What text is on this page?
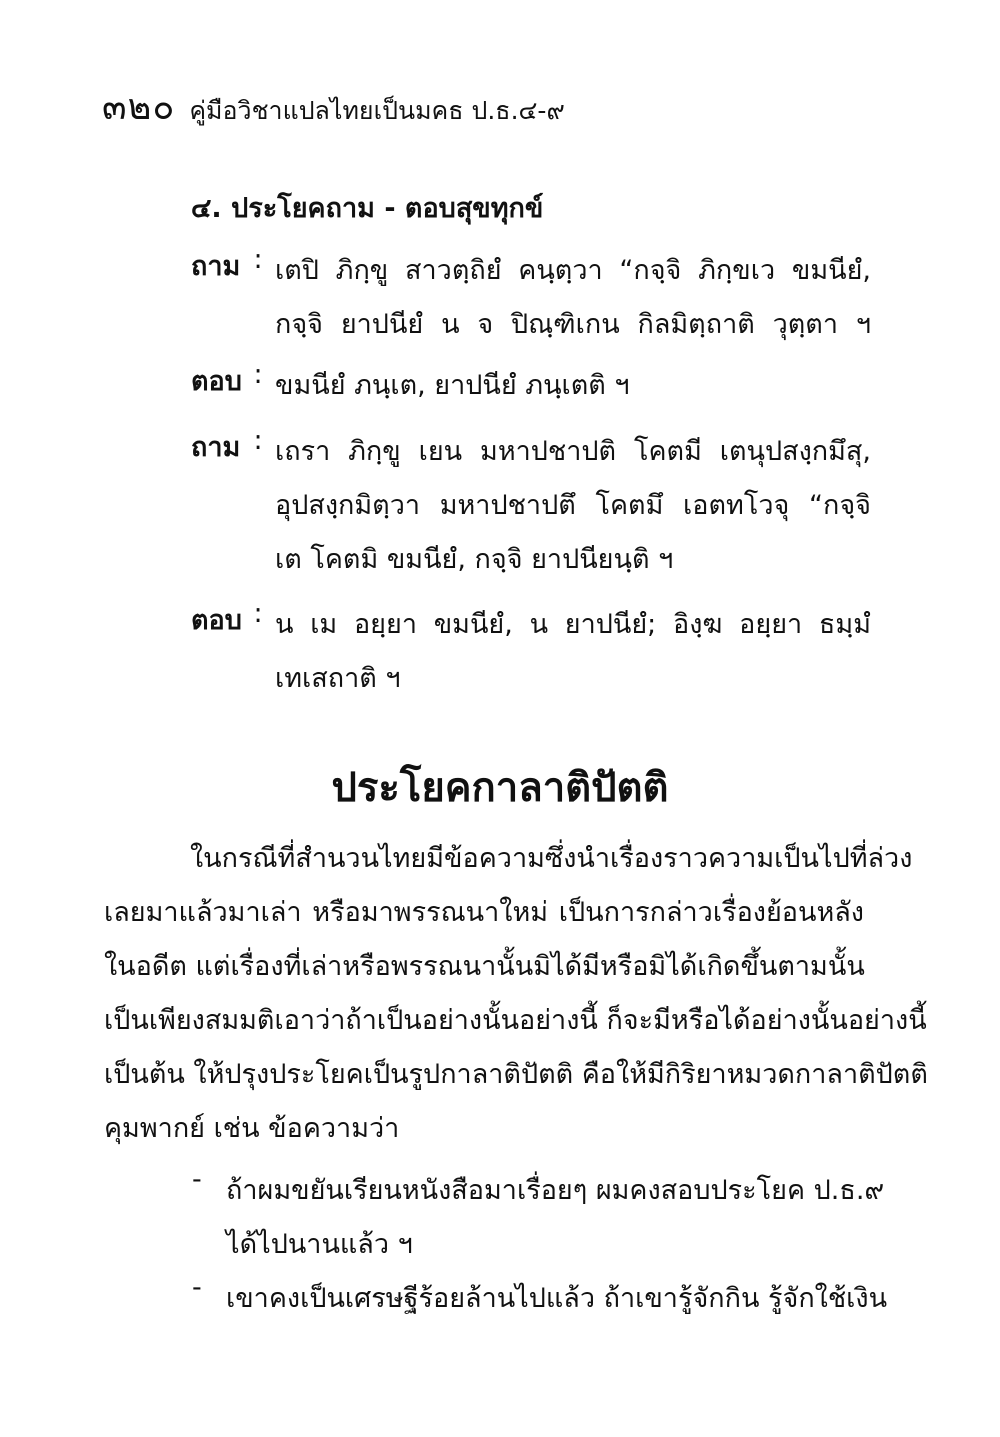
๓๒๐ คู่มือวิชาแปลไทยเป็นมคธ ป.ธ.๔-๙
๔. ประโยคถาม - ตอบสุขทุกข์
ถาม : เตปิ ภิกฺขู สาวตฺถิยํ คนฺตฺวา “กจฺจิ ภิกฺขเว ขมนียํ,
กจฺจิ ยาปนียํ น จ ปิณฺฑิเกน กิลมิตฺถาติ วุตฺตา ฯ
ตอบ : ขมนียํ ภนฺเต, ยาปนียํ ภนฺเตติ ฯ
ถาม : เถรา ภิกฺขู เยน มหาปชาปติ โคตมี เตนุปสงฺกมึสุ,
อุปสงฺกมิตฺวา มหาปชาปตึ โคตมึ เอตทโวจุ “กจฺจิ
เต โคตมิ ขมนียํ, กจฺจิ ยาปนียนฺติ ฯ
ตอบ : น เม อยฺยา ขมนียํ, น ยาปนียํ; อิงฺฆ อยฺยา ธมฺมํ
เทเสถาติ ฯ
ประโยคกาลาติปัตติ
ในกรณีที่สำนวนไทยมีข้อความซึ่งนำเรื่องราวความเป็นไปที่ล่วง
เลยมาแล้วมาเล่า หรือมาพรรณนาใหม่ เป็นการกล่าวเรื่องย้อนหลัง
ในอดีต แต่เรื่องที่เล่าหรือพรรณนานั้นมิได้มีหรือมิได้เกิดขึ้นตามนั้น
เป็นเพียงสมมติเอาว่าถ้าเป็นอย่างนั้นอย่างนี้ ก็จะมีหรือได้อย่างนั้นอย่างนี้
เป็นต้น ให้ปรุงประโยคเป็นรูปกาลาติปัตติ คือให้มีกิริยาหมวดกาลาติปัตติ
คุมพากย์ เช่น ข้อความว่า
- ถ้าผมขยันเรียนหนังสือมาเรื่อยๆ ผมคงสอบประโยค ป.ธ.๙
ได้ไปนานแล้ว ฯ
- เขาคงเป็นเศรษฐีร้อยล้านไปแล้ว ถ้าเขารู้จักกิน รู้จักใช้เงิน
